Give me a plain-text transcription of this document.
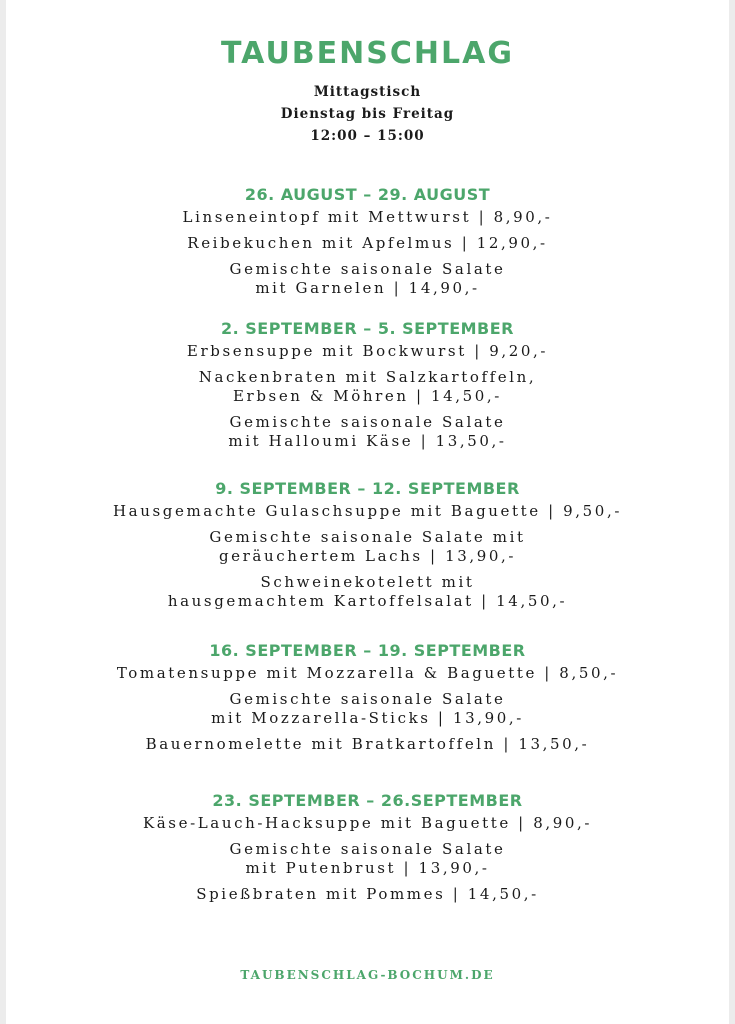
TAUBENSCHLAG
Mittagstisch
Dienstag bis Freitag
12:00 – 15:00
26. AUGUST – 29. AUGUST
Linseneintopf mit Mettwurst | 8,90,-
Reibekuchen mit Apfelmus | 12,90,-
Gemischte saisonale Salate
mit Garnelen | 14,90,-
2. SEPTEMBER – 5. SEPTEMBER
Erbsensuppe mit Bockwurst | 9,20,-
Nackenbraten mit Salzkartoffeln,
Erbsen & Möhren | 14,50,-
Gemischte saisonale Salate
mit Halloumi Käse | 13,50,-
9. SEPTEMBER – 12. SEPTEMBER
Hausgemachte Gulaschsuppe mit Baguette | 9,50,-
Gemischte saisonale Salate mit
geräuchertem Lachs | 13,90,-
Schweinekotelett mit
hausgemachtem Kartoffelsalat | 14,50,-
16. SEPTEMBER – 19. SEPTEMBER
Tomatensuppe mit Mozzarella & Baguette | 8,50,-
Gemischte saisonale Salate
mit Mozzarella-Sticks | 13,90,-
Bauernomelette mit Bratkartoffeln | 13,50,-
23. SEPTEMBER – 26.SEPTEMBER
Käse-Lauch-Hacksuppe mit Baguette | 8,90,-
Gemischte saisonale Salate
mit Putenbrust | 13,90,-
Spießbraten mit Pommes | 14,50,-
TAUBENSCHLAG-BOCHUM.DE
